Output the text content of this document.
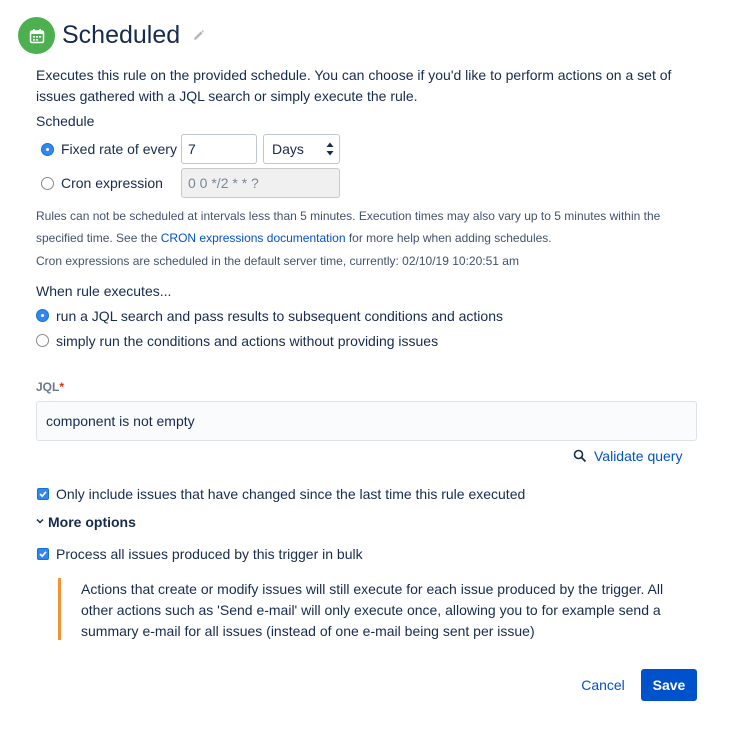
Scheduled
Executes this rule on the provided schedule. You can choose if you'd like to perform actions on a set of issues gathered with a JQL search or simply execute the rule.
Schedule
Fixed rate of every 7	Days
Cron expression	0 0 */2 * * ?
Rules can not be scheduled at intervals less than 5 minutes. Execution times may also vary up to 5 minutes within the specified time. See the CRON expressions documentation for more help when adding schedules.
Cron expressions are scheduled in the default server time, currently: 02/10/19 10:20:51 am
When rule executes...
run a JQL search and pass results to subsequent conditions and actions
simply run the conditions and actions without providing issues
JQL*
component is not empty
Validate query
Only include issues that have changed since the last time this rule executed
More options
Process all issues produced by this trigger in bulk
Actions that create or modify issues will still execute for each issue produced by the trigger. All other actions such as 'Send e-mail' will only execute once, allowing you to for example send a summary e-mail for all issues (instead of one e-mail being sent per issue)
Cancel	Save
